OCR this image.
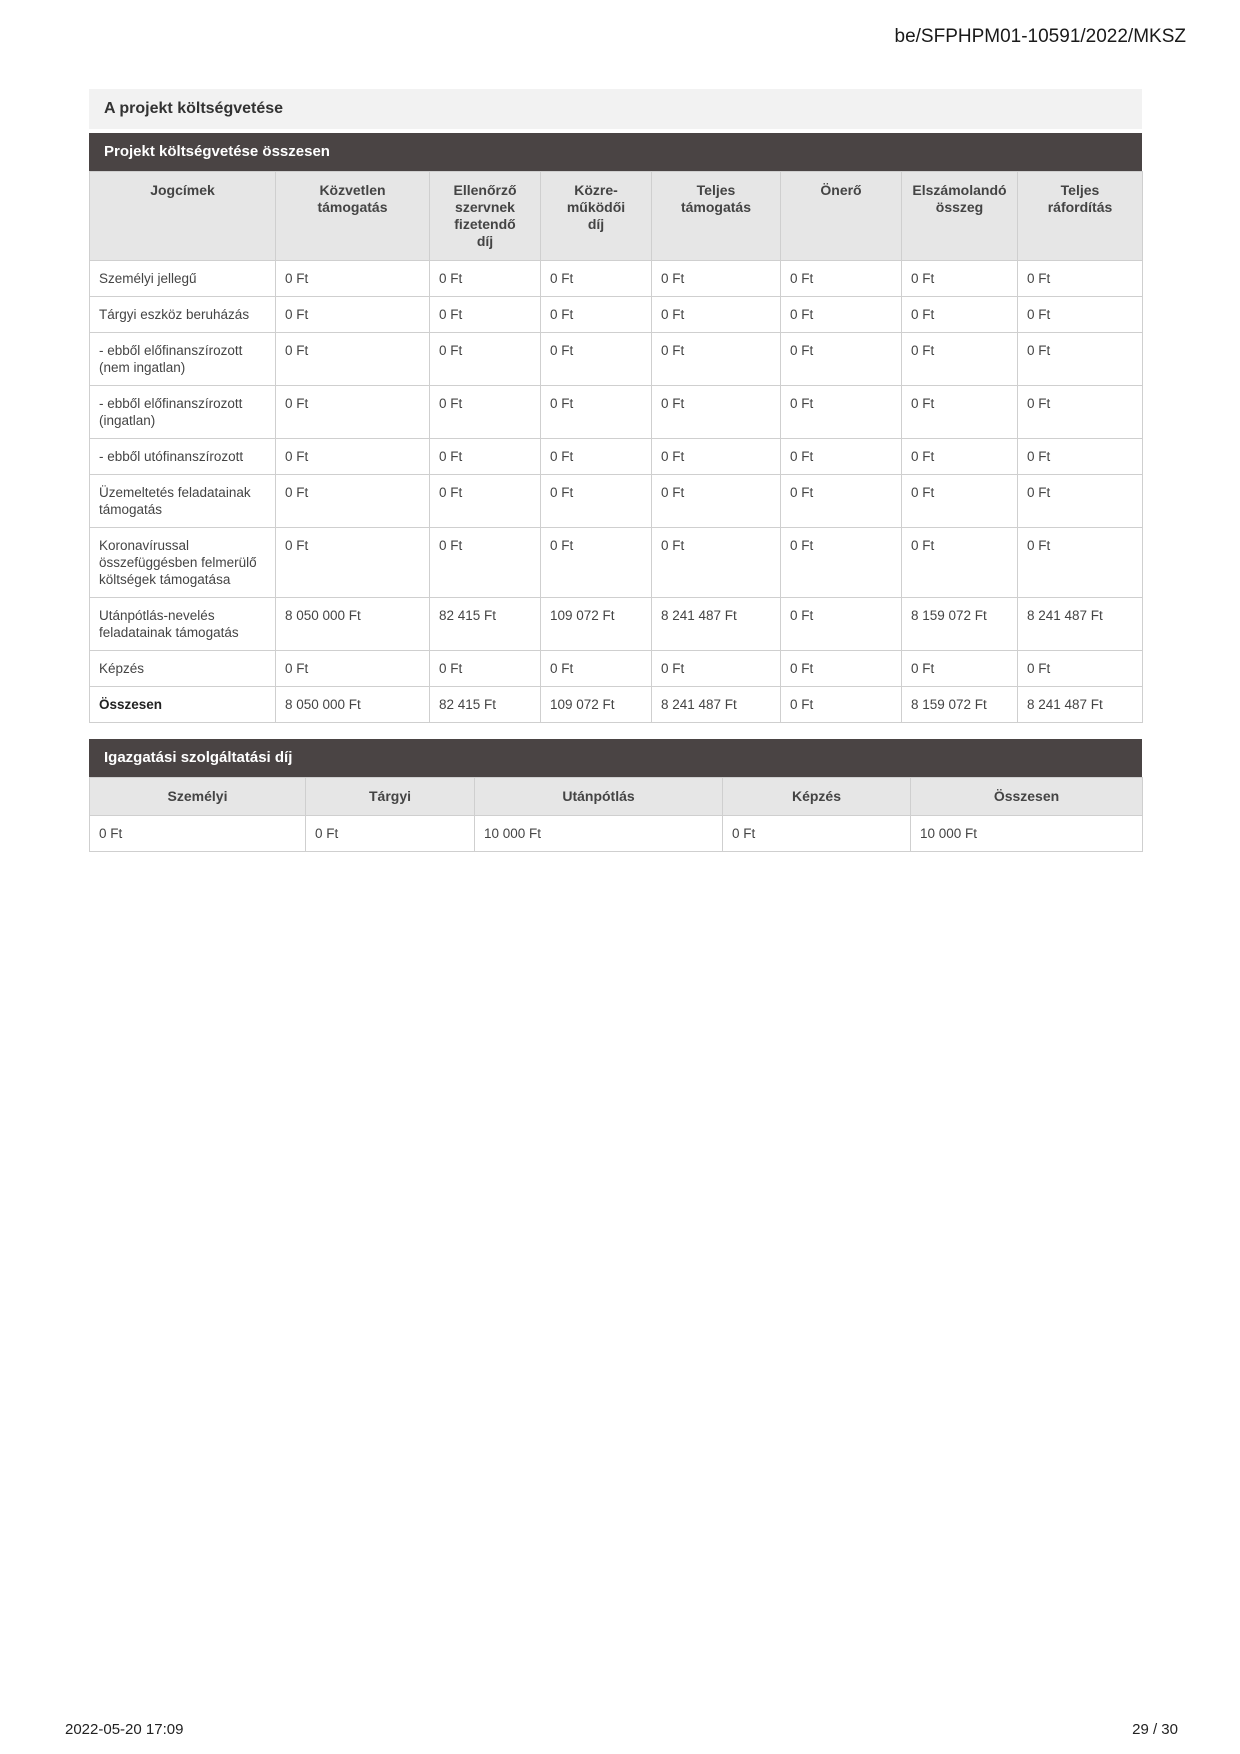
be/SFPHPM01-10591/2022/MKSZ
A projekt költségvetése
Projekt költségvetése összesen
Jogcímek	Közvetlen támogatás	Ellenőrző szervnek fizetendő díj	Közre-működői díj	Teljes támogatás	Önerő	Elszámolandó összeg	Teljes ráfordítás
Személyi jellegű	0 Ft	0 Ft	0 Ft	0 Ft	0 Ft	0 Ft	0 Ft
Tárgyi eszköz beruházás	0 Ft	0 Ft	0 Ft	0 Ft	0 Ft	0 Ft	0 Ft
- ebből előfinanszírozott (nem ingatlan)	0 Ft	0 Ft	0 Ft	0 Ft	0 Ft	0 Ft	0 Ft
- ebből előfinanszírozott (ingatlan)	0 Ft	0 Ft	0 Ft	0 Ft	0 Ft	0 Ft	0 Ft
- ebből utófinanszírozott	0 Ft	0 Ft	0 Ft	0 Ft	0 Ft	0 Ft	0 Ft
Üzemeltetés feladatainak támogatás	0 Ft	0 Ft	0 Ft	0 Ft	0 Ft	0 Ft	0 Ft
Koronavírussal összefüggésben felmerülő költségek támogatása	0 Ft	0 Ft	0 Ft	0 Ft	0 Ft	0 Ft	0 Ft
Utánpótlás-nevelés feladatainak támogatás	8 050 000 Ft	82 415 Ft	109 072 Ft	8 241 487 Ft	0 Ft	8 159 072 Ft	8 241 487 Ft
Képzés	0 Ft	0 Ft	0 Ft	0 Ft	0 Ft	0 Ft	0 Ft
Összesen	8 050 000 Ft	82 415 Ft	109 072 Ft	8 241 487 Ft	0 Ft	8 159 072 Ft	8 241 487 Ft
Igazgatási szolgáltatási díj
Személyi	Tárgyi	Utánpótlás	Képzés	Összesen
0 Ft	0 Ft	10 000 Ft	0 Ft	10 000 Ft
2022-05-20 17:09	29 / 30
